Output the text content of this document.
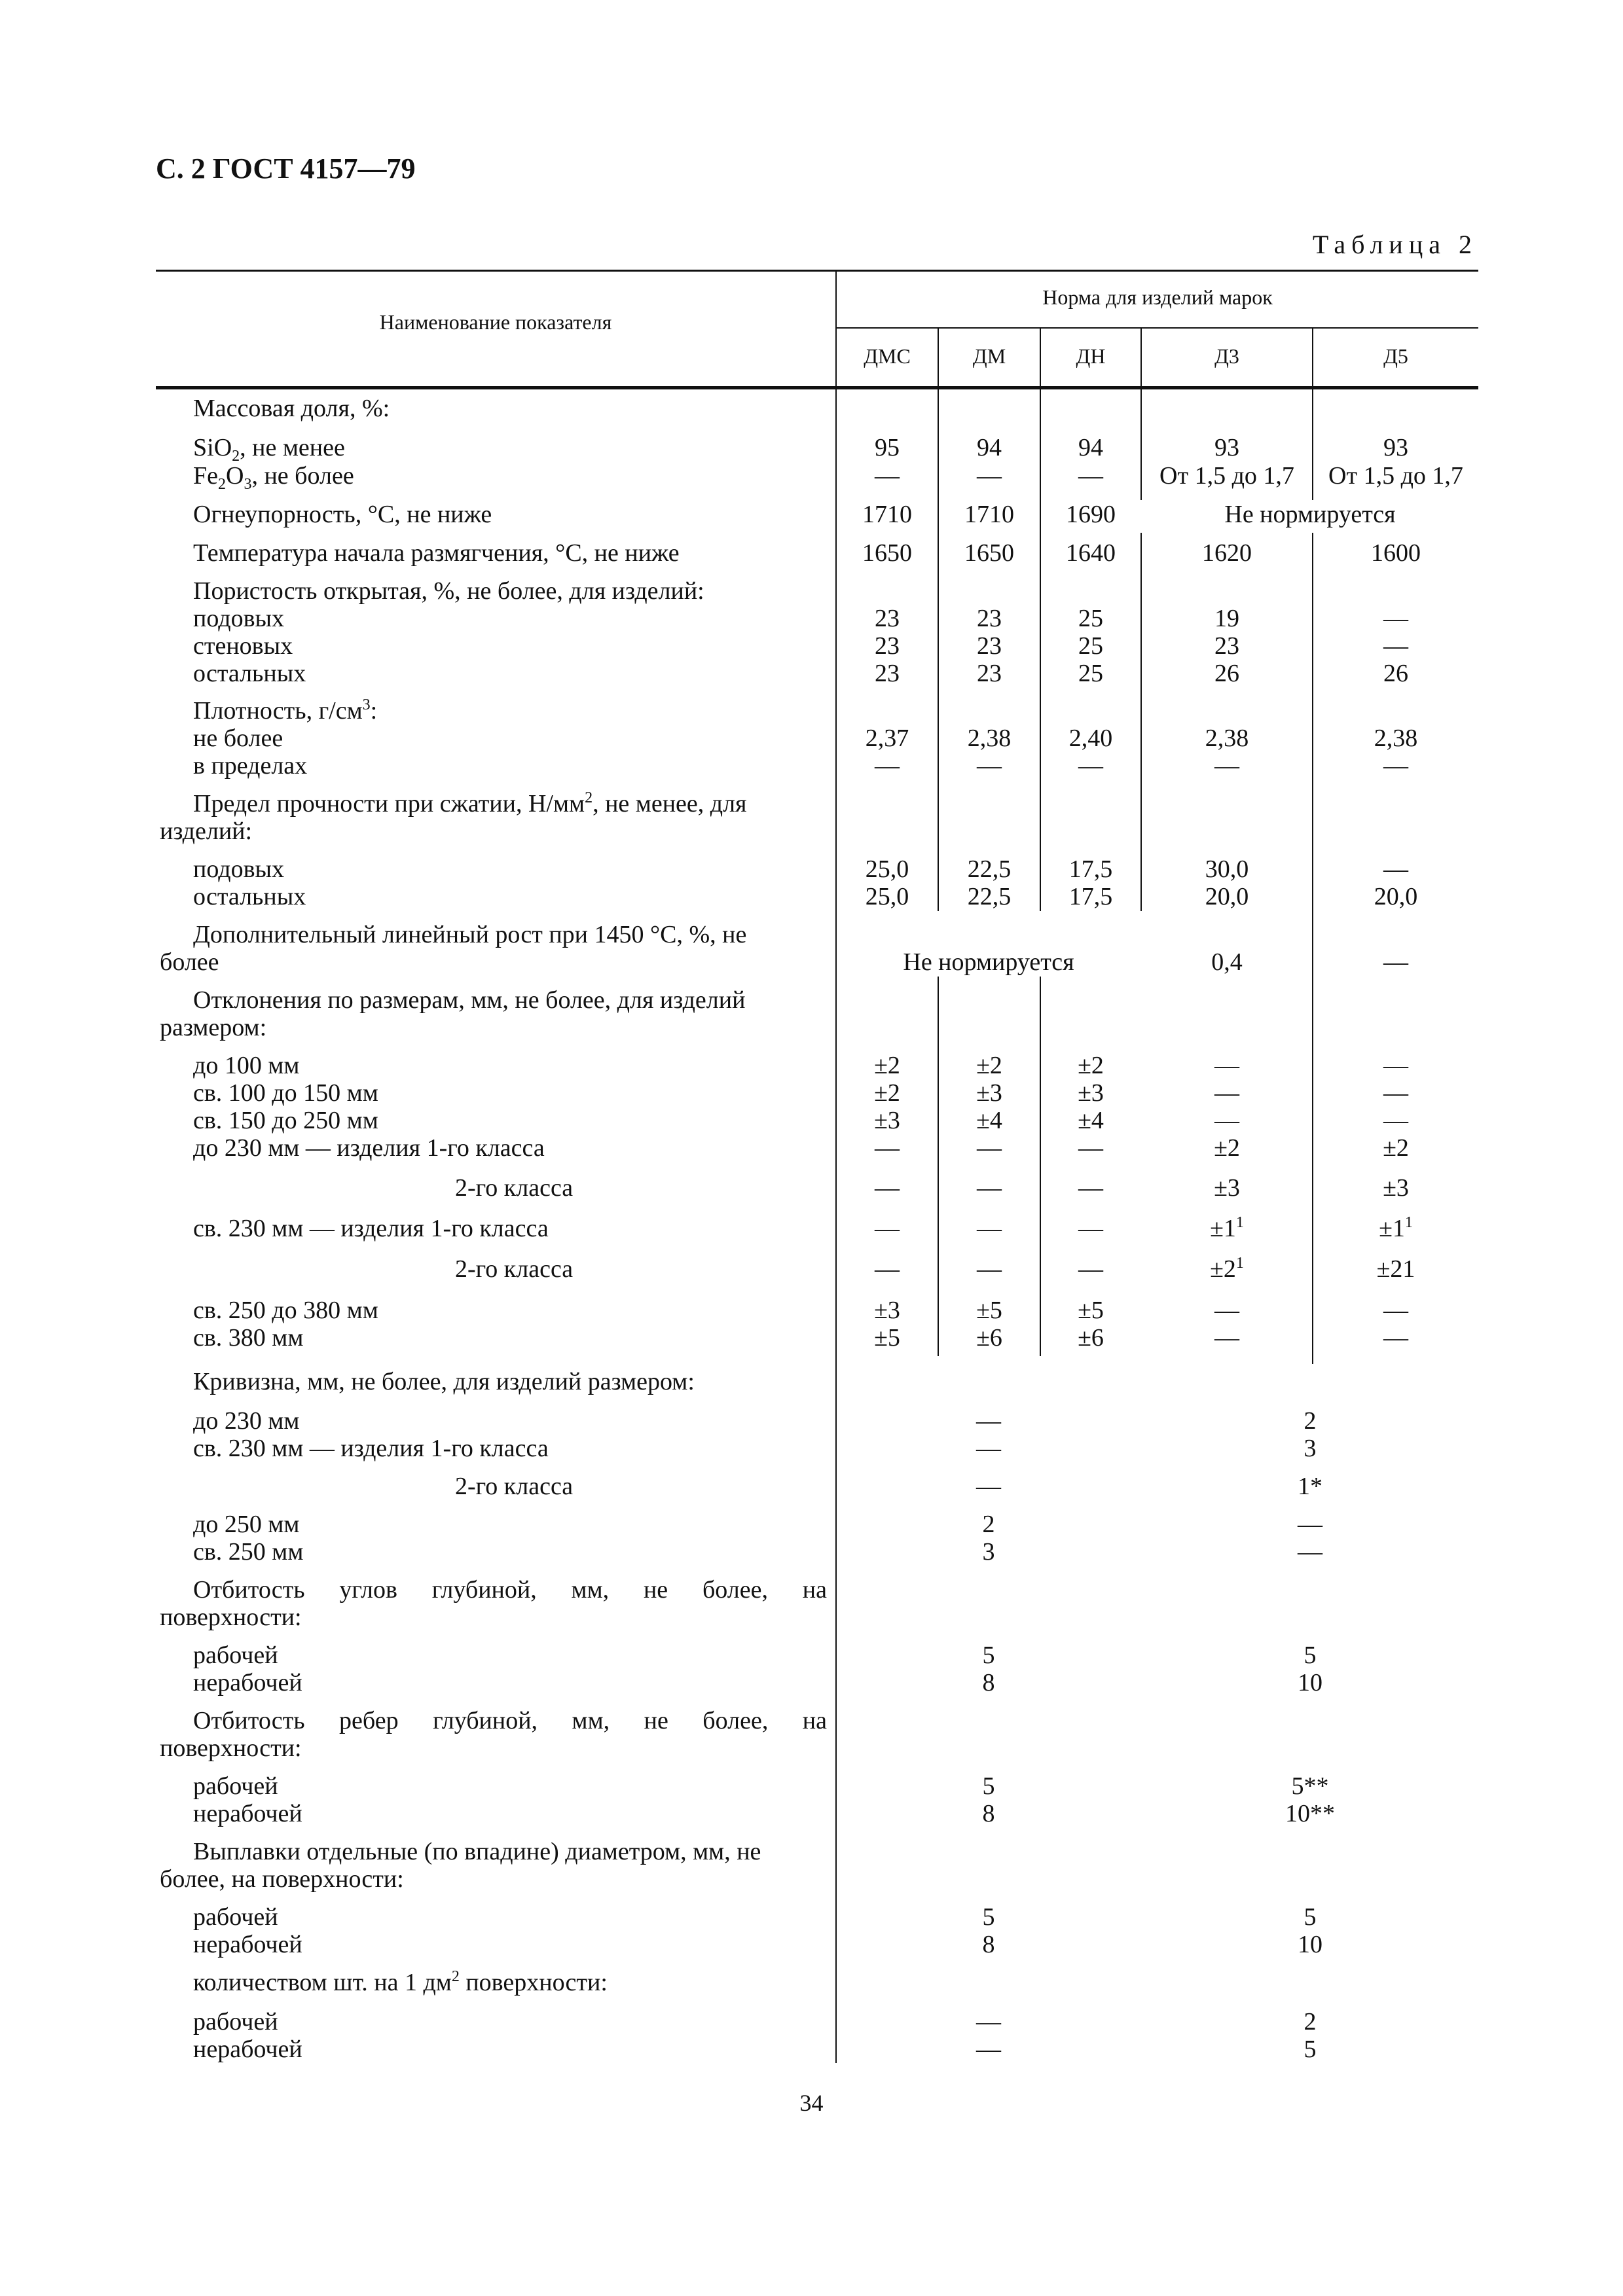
С. 2 ГОСТ 4157—79
Таблица 2
Наименование показателя
Норма для изделий марок
ДМС	ДМ	ДН	Д3	Д5
Массовая доля, %:
SiO$_2$, не менее	95	94	94	93	93
$Fe_2O_3$, не более	—	—	—	От 1,5 до 1,7	От 1,5 до 1,7
Огнеупорность, °С, не ниже	1710	1710	1690	Не нормируется
Температура начала размягчения, °С, не ниже	1650	1650	1640	1620	1600
Пористость открытая, %, не более, для изделий:
подовых	23	23	25	19	—
стеновых	23	23	25	23	—
остальных	23	23	25	26	26
Плотность, $г/см^3$:
не более	2,37	2,38	2,40	2,38	2,38
в пределах	—	—	—	—	—
Предел прочности при сжатии, $Н/мм^2$, не менее, для
изделий:
подовых	25,0	22,5	17,5	30,0	—
остальных	25,0	22,5	17,5	20,0	20,0
Дополнительный линейный рост при 1450 °С, %, не
более	Не нормируется	0,4	—
Отклонения по размерам, мм, не более, для изделий
размером:
до 100 мм	±2	±2	±2	—	—
св. 100 до 150 мм	±2	±3	±3	—	—
св. 150 до 250 мм	±3	±4	±4	—	—
до 230 мм — изделия 1-го класса	—	—	—	±2	±2
2-го класса	—	—	—	±3	±3
св. 230 мм — изделия 1-го класса	—	—	—	$\pm 1^1$	$\pm 1^1$
2-го класса	—	—	—	$\pm 2^1$	±21
св. 250 до 380 мм	±3	±5	±5	—	—
св. 380 мм	±5	±6	±6	—	—
Кривизна, мм, не более, для изделий размером:
до 230 мм	—	2
св. 230 мм — изделия 1-го класса	—	3
2-го класса	—	1*
до 250 мм	2	—
св. 250 мм	3	—
Отбитость углов глубиной, мм, не более, на
поверхности:
рабочей	5	5
нерабочей	8	10
Отбитость ребер глубиной, мм, не более, на
поверхности:
рабочей	5	5**
нерабочей	8	10**
Выплавки отдельные (по впадине) диаметром, мм, не
более, на поверхности:
рабочей	5	5
нерабочей	8	10
количеством шт. на 1 $дм^2$ поверхности:
рабочей	—	2
нерабочей	—	5
34
